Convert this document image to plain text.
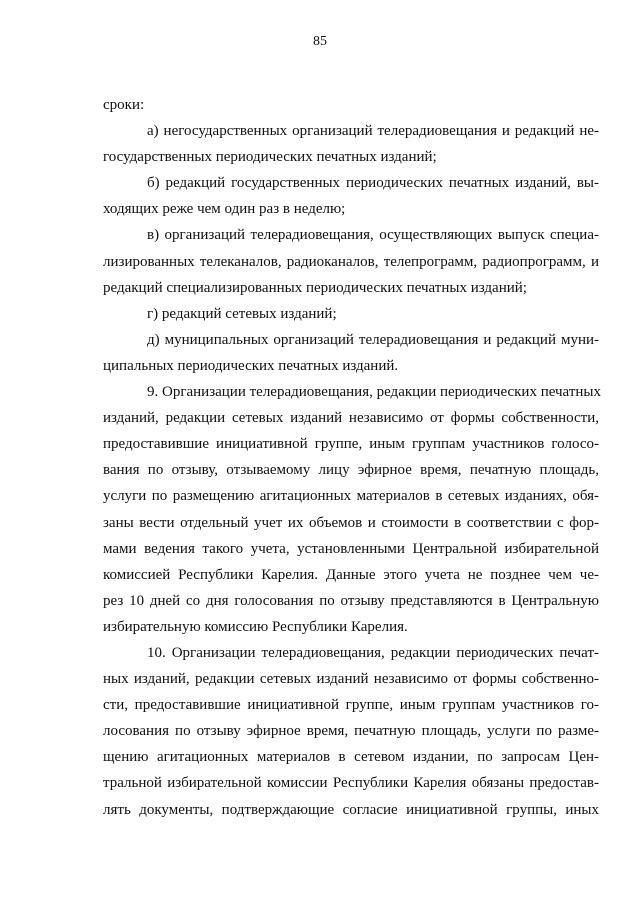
85
сроки:
а) негосударственных организаций телерадиовещания и редакций не-
государственных периодических печатных изданий;
б) редакций государственных периодических печатных изданий, вы-
ходящих реже чем один раз в неделю;
в) организаций телерадиовещания, осуществляющих выпуск специа-
лизированных телеканалов, радиоканалов, телепрограмм, радиопрограмм, и
редакций специализированных периодических печатных изданий;
г) редакций сетевых изданий;
д) муниципальных организаций телерадиовещания и редакций муни-
ципальных периодических печатных изданий.
9. Организации телерадиовещания, редакции периодических печатных
изданий, редакции сетевых изданий независимо от формы собственности,
предоставившие инициативной группе, иным группам участников голосо-
вания по отзыву, отзываемому лицу эфирное время, печатную площадь,
услуги по размещению агитационных материалов в сетевых изданиях, обя-
заны вести отдельный учет их объемов и стоимости в соответствии с фор-
мами ведения такого учета, установленными Центральной избирательной
комиссией Республики Карелия. Данные этого учета не позднее чем че-
рез 10 дней со дня голосования по отзыву представляются в Центральную
избирательную комиссию Республики Карелия.
10. Организации телерадиовещания, редакции периодических печат-
ных изданий, редакции сетевых изданий независимо от формы собственно-
сти, предоставившие инициативной группе, иным группам участников го-
лосования по отзыву эфирное время, печатную площадь, услуги по разме-
щению агитационных материалов в сетевом издании, по запросам Цен-
тральной избирательной комиссии Республики Карелия обязаны предостав-
лять документы, подтверждающие согласие инициативной группы, иных
